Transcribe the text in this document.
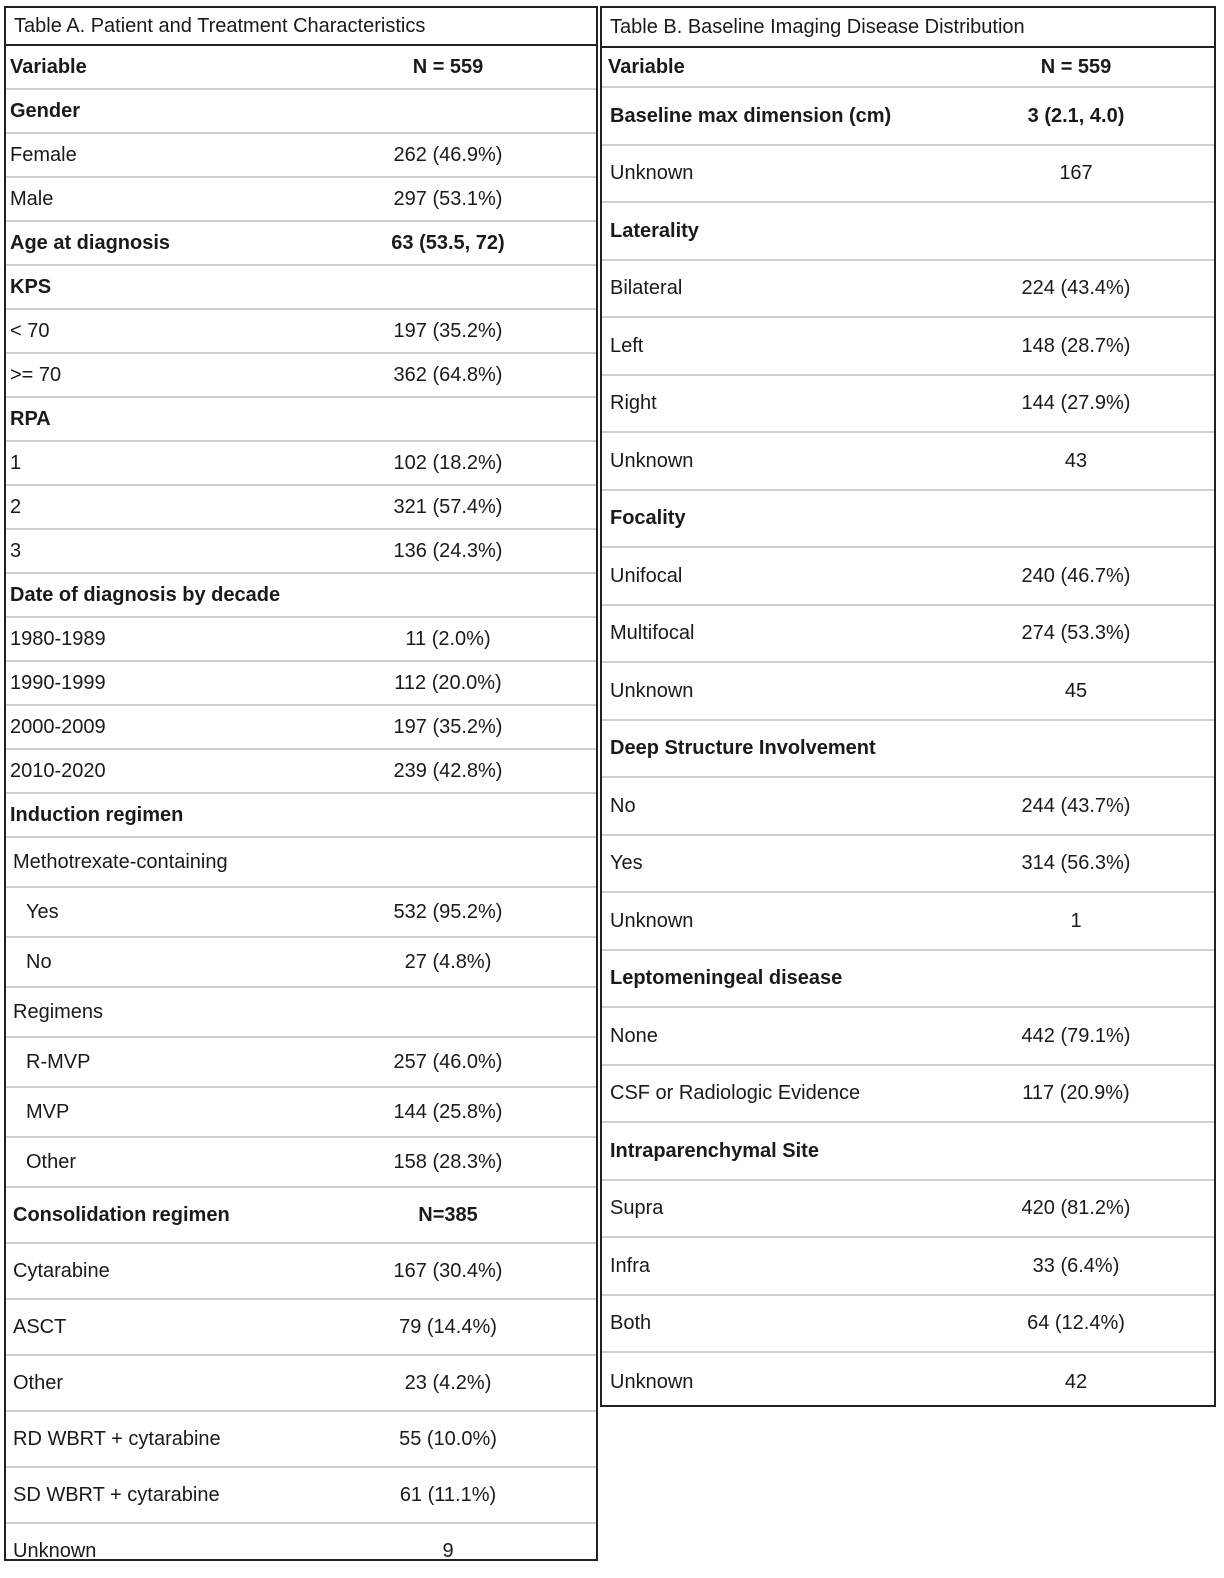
Table A. Patient and Treatment Characteristics
Variable	N = 559
Gender
Female	262 (46.9%)
Male	297 (53.1%)
Age at diagnosis	63 (53.5, 72)
KPS
< 70	197 (35.2%)
>= 70	362 (64.8%)
RPA
1	102 (18.2%)
2	321 (57.4%)
3	136 (24.3%)
Date of diagnosis by decade
1980-1989	11 (2.0%)
1990-1999	112 (20.0%)
2000-2009	197 (35.2%)
2010-2020	239 (42.8%)
Induction regimen
Methotrexate-containing
Yes	532 (95.2%)
No	27 (4.8%)
Regimens
R-MVP	257 (46.0%)
MVP	144 (25.8%)
Other	158 (28.3%)
Consolidation regimen	N=385
Cytarabine	167 (30.4%)
ASCT	79 (14.4%)
Other	23 (4.2%)
RD WBRT + cytarabine	55 (10.0%)
SD WBRT + cytarabine	61 (11.1%)
Unknown	9
Table B. Baseline Imaging Disease Distribution
Variable	N = 559
Baseline max dimension (cm)	3 (2.1, 4.0)
Unknown	167
Laterality
Bilateral	224 (43.4%)
Left	148 (28.7%)
Right	144 (27.9%)
Unknown	43
Focality
Unifocal	240 (46.7%)
Multifocal	274 (53.3%)
Unknown	45
Deep Structure Involvement
No	244 (43.7%)
Yes	314 (56.3%)
Unknown	1
Leptomeningeal disease
None	442 (79.1%)
CSF or Radiologic Evidence	117 (20.9%)
Intraparenchymal Site
Supra	420 (81.2%)
Infra	33 (6.4%)
Both	64 (12.4%)
Unknown	42
